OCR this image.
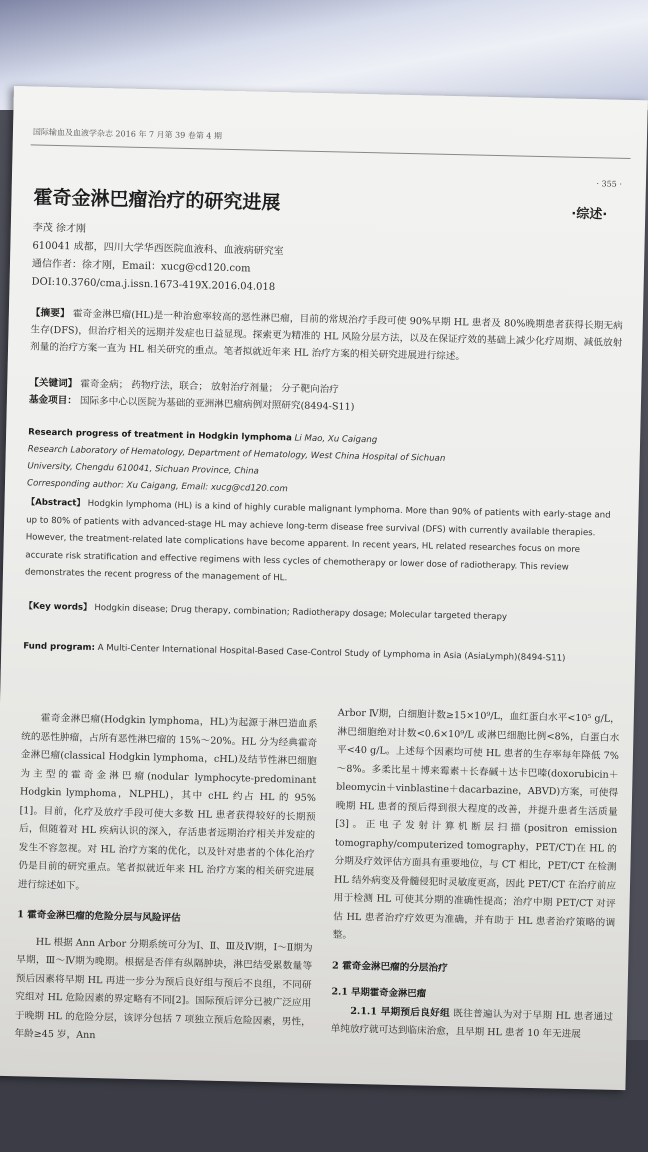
国际输血及血液学杂志 2016 年 7 月第 39 卷第 4 期
· 355 ·
霍奇金淋巴瘤治疗的研究进展
·综述·
李茂 徐才刚
610041 成都，四川大学华西医院血液科、血液病研究室
通信作者：徐才刚，Email：xucg@cd120.com
DOI:10.3760/cma.j.issn.1673-419X.2016.04.018
【摘要】 霍奇金淋巴瘤(HL)是一种治愈率较高的恶性淋巴瘤，目前的常规治疗手段可使 90%早期 HL 患者及 80%晚期患者获得长期无病生存(DFS)，但治疗相关的远期并发症也日益显现。探索更为精准的 HL 风险分层方法，以及在保证疗效的基础上减少化疗周期、减低放射剂量的治疗方案一直为 HL 相关研究的重点。笔者拟就近年来 HL 治疗方案的相关研究进展进行综述。
【关键词】 霍奇金病； 药物疗法，联合； 放射治疗剂量； 分子靶向治疗
基金项目： 国际多中心以医院为基础的亚洲淋巴瘤病例对照研究(8494-S11)
Research progress of treatment in Hodgkin lymphoma Li Mao, Xu Caigang
Research Laboratory of Hematology, Department of Hematology, West China Hospital of Sichuan
University, Chengdu 610041, Sichuan Province, China
Corresponding author: Xu Caigang, Email: xucg@cd120.com
【Abstract】 Hodgkin lymphoma (HL) is a kind of highly curable malignant lymphoma. More than 90% of patients with early-stage and up to 80% of patients with advanced-stage HL may achieve long-term disease free survival (DFS) with currently available therapies. However, the treatment-related late complications have become apparent. In recent years, HL related researches focus on more accurate risk stratification and effective regimens with less cycles of chemotherapy or lower dose of radiotherapy. This review demonstrates the recent progress of the management of HL.
【Key words】 Hodgkin disease; Drug therapy, combination; Radiotherapy dosage; Molecular targeted therapy
Fund program: A Multi-Center International Hospital-Based Case-Control Study of Lymphoma in Asia (AsiaLymph)(8494-S11)

霍奇金淋巴瘤(Hodgkin lymphoma，HL)为起源于淋巴造血系统的恶性肿瘤，占所有恶性淋巴瘤的 15%～20%。HL 分为经典霍奇金淋巴瘤(classical Hodgkin lymphoma，cHL)及结节性淋巴细胞为主型的霍奇金淋巴瘤(nodular lymphocyte-predominant Hodgkin lymphoma，NLPHL)，其中 cHL 约占 HL 的 95%[1]。目前，化疗及放疗手段可使大多数 HL 患者获得较好的长期预后，但随着对 HL 疾病认识的深入，存活患者远期治疗相关并发症的发生不容忽视。对 HL 治疗方案的优化，以及针对患者的个体化治疗仍是目前的研究重点。笔者拟就近年来 HL 治疗方案的相关研究进展进行综述如下。

1 霍奇金淋巴瘤的危险分层与风险评估

HL 根据 Ann Arbor 分期系统可分为Ⅰ、Ⅱ、Ⅲ及Ⅳ期，Ⅰ～Ⅱ期为早期，Ⅲ～Ⅳ期为晚期。根据是否伴有纵隔肿块，淋巴结受累数量等预后因素将早期 HL 再进一步分为预后良好组与预后不良组，不同研究组对 HL 危险因素的界定略有不同[2]。国际预后评分已被广泛应用于晚期 HL 的危险分层，该评分包括 7 项独立预后危险因素，男性，年龄≥45 岁，Ann

Arbor Ⅳ期，白细胞计数≥15×10⁹/L，血红蛋白水平<10⁵ g/L，淋巴细胞绝对计数<0.6×10⁹/L 或淋巴细胞比例<8%，白蛋白水平<40 g/L。上述每个因素均可使 HL 患者的生存率每年降低 7%～8%。多柔比星＋博来霉素＋长春碱＋达卡巴嗪(doxorubicin＋bleomycin＋vinblastine＋dacarbazine，ABVD)方案，可使得晚期 HL 患者的预后得到很大程度的改善，并提升患者生活质量[3]。正电子发射计算机断层扫描(positron emission tomography/computerized tomography，PET/CT)在 HL 的分期及疗效评估方面具有重要地位，与 CT 相比，PET/CT 在检测 HL 结外病变及骨髓侵犯时灵敏度更高，因此 PET/CT 在治疗前应用于检测 HL 可使其分期的准确性提高；治疗中期 PET/CT 对评估 HL 患者治疗疗效更为准确，并有助于 HL 患者治疗策略的调整。

2 霍奇金淋巴瘤的分层治疗

2.1 早期霍奇金淋巴瘤

2.1.1 早期预后良好组 既往普遍认为对于早期 HL 患者通过单纯放疗就可达到临床治愈，且早期 HL 患者 10 年无进展
